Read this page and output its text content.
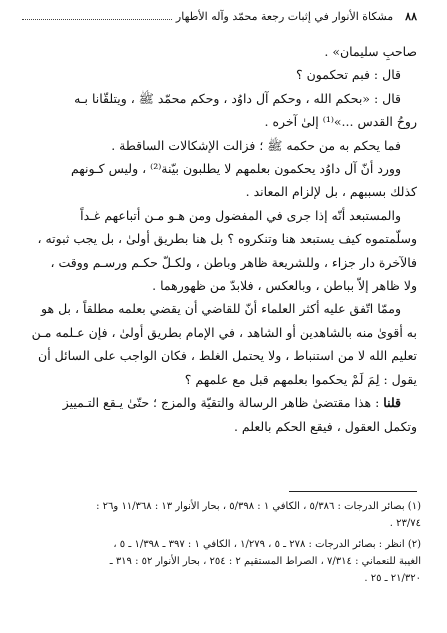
٨٨
مشكاة الأنوار في إثبات رجعة محمّد وآله الأطهار

صاحبِ سليمان» .

قال : فبم تحكمون ؟

قال : «بحكم الله ، وحكم آل داوُد ، وحكم محمّد ﷺ ، ويتلقّانا بـه

روحُ القدس ...»⁽¹⁾ إلىٰ آخره .

فما يحكم به من حكمه ﷺ ؛ فزالت الإشكالات الساقطة .

وورد أنّ آل داوُد يحكمون بعلمهم لا يطلبون بيّنة⁽²⁾ ، وليس كـونهم

كذلك بسببهم ، بل لإلزام المعاند .

والمستبعد أنّه إذا جرى في المفضول ومن هـو مـن أتباعهم غـداً

وسلّمتموه كيف يستبعد هنا وتنكروه ؟ بل هنا بطريق أولىٰ ، بل يجب ثبوته ،

فالآخرة دار جزاء ، وللشريعة ظاهر وباطن ، ولكـلّ حكـم ورسـم ووقت ،

ولا ظاهر إلاّ بباطن ، وبالعكس ، فلابدّ من ظهورهما .

وممّا اتّفق عليه أكثر العلماء أنّ للقاضي أن يقضي بعلمه مطلقاً ، بل هو

به أقوىٰ منه بالشاهدين أو الشاهد ، في الإمام بطريق أولىٰ ، فإن عـلمه مـن

تعليم الله لا من استنباط ، ولا يحتمل الغلط ، فكان الواجب على السائل أن

يقول : لِمَ لَمْ يحكموا بعلمهم قبل مع علمهم ؟

قلنا : هذا مقتضىٰ ظاهر الرسالة والتقيّة والمزج ؛ حتّىٰ يـقع التـمييز

وتكمل العقول ، فيقع الحكم بالعلم .

(١) بصائر الدرجات : ٥/٣٨٦ ، الكافي ١ : ٥/٣٩٨ ، بحار الأنوار ١٣ : ١١/٣٦٨ و٢٦ :
٢٣/٧٤ .

(٢) انظر : بصائر الدرجات : ٢٧٨ ـ ٥ ، ١/٢٧٩ ، الكافي ١ : ٣٩٧ ـ ١/٣٩٨ ـ ٥ ،
الغيبة للنعماني : ٧/٣١٤ ، الصراط المستقيم ٢ : ٢٥٤ ، بحار الأنوار ٥٢ : ٣١٩ ـ
٢١/٣٢٠ ـ ٢٥ .
